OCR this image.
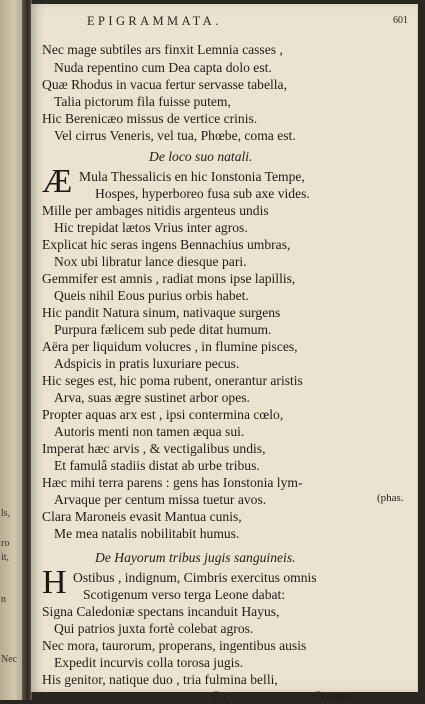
ls,
ro
it,
n
Nec
EPIGRAMMATA.	601
Nec mage subtiles ars finxit Lemnia casses ,
Nuda repentino cum Dea capta dolo est.
Quæ Rhodus in vacua fertur servasse tabella,
Talia pictorum fila fuisse putem,
Hic Berenicæo missus de vertice crinis.
Vel cirrus Veneris, vel tua, Phœbe, coma est.
De loco suo natali.
Æ Mula Thessalicis en hic Ionstonia Tempe,
Hospes, hyperboreo fusa sub axe vides.
Mille per ambages nitidis argenteus undis
Hic trepidat lætos Vrius inter agros.
Explicat hic seras ingens Bennachius umbras,
Nox ubi libratur lance diesque pari.
Gemmifer est amnis , radiat mons ipse lapillis,
Queis nihil Eous purius orbis habet.
Hic pandit Natura sinum, nativaque surgens
Purpura fælicem sub pede ditat humum.
Aëra per liquidum volucres , in flumine pisces,
Adspicis in pratis luxuriare pecus.
Hic seges est, hic poma rubent, onerantur aristis
Arva, suas ægre sustinet arbor opes.
Propter aquas arx est , ipsi contermina cœlo,
Autoris menti non tamen æqua sui.
Imperat hæc arvis , & vectigalibus undis,
Et famulâ stadiis distat ab urbe tribus.
Hæc mihi terra parens : gens has Ionstonia lym-
Arvaque per centum missa tuetur avos.	(phas.
Clara Maroneis evasit Mantua cunis,
Me mea natalis nobilitabit humus.
De Hayorum tribus jugis sanguineis.
H Ostibus , indignum, Cimbris exercitus omnis
Scotigenum verso terga Leone dabat:
Signa Caledoniæ spectans incanduit Hayus,
Qui patrios juxta fortè colebat agros.
Nec mora, taurorum, properans, ingentibus ausis
Expedit incurvis colla torosa jugis.
His genitor, natique duo , tria fulmina belli,
C c	Compe-
